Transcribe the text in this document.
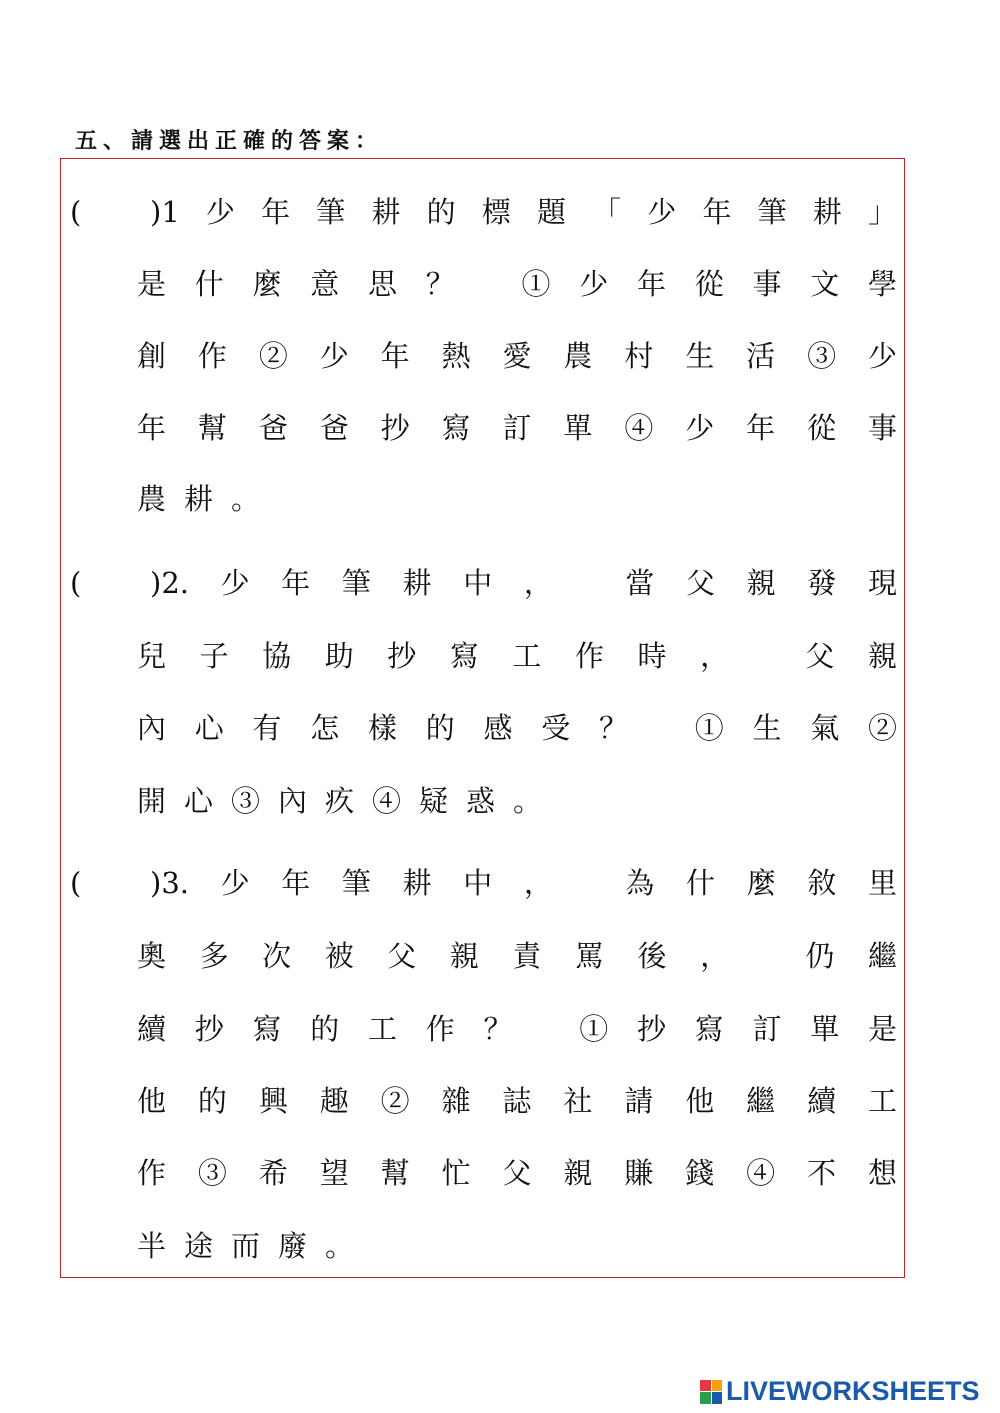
五、請選出正確的答案：
( )1少年筆耕的標題「少年筆耕」
是什麼意思？ ①少年從事文學
創作②少年熱愛農村生活③少
年幫爸爸抄寫訂單④少年從事
農耕。
( )2.少年筆耕中， 當父親發現
兒子協助抄寫工作時， 父親
內心有怎樣的感受？ ①生氣②
開心③內疚④疑惑。
( )3.少年筆耕中， 為什麼敘里
奧多次被父親責罵後， 仍繼
續抄寫的工作？ ①抄寫訂單是
他的興趣②雜誌社請他繼續工
作③希望幫忙父親賺錢④不想
半途而廢。
LIVEWORKSHEETS
